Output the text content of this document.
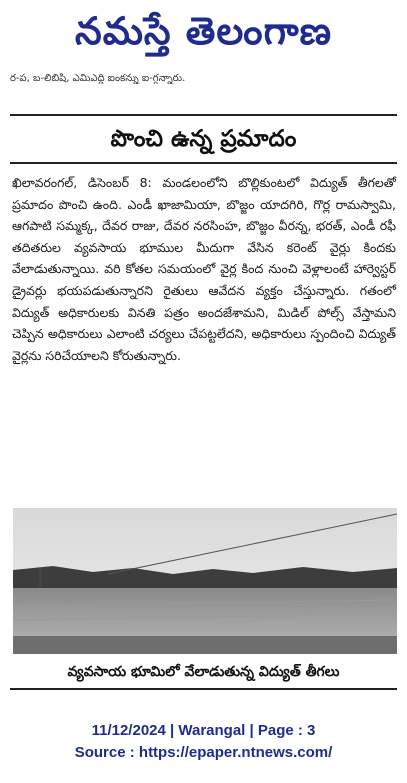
నమస్తే తెలంగాణ
ర-ప, బ-లిబిషి, ఎమిఎద్ది ఐంకన్ను ఐ-గ్గన్నారు.
పొంచి ఉన్న ప్రమాదం
ఖిలావరంగల్, డిసెంబర్ 8: మండలంలోని బొల్లికుంటలో విద్యుత్ తీగలతో ప్రమాదం పొంచి ఉంది. ఎండీ ఖాజామియా, బొజ్జం యాదగిరి, గొర్ల రామస్వామి, ఆగపాటి సమ్మక్క, దేవర రాజు, దేవర నరసింహ, బొజ్జం వీరన్న, భరత్, ఎండీ రఫీ తదితరుల వ్యవసాయ భూముల మీదుగా వేసిన కరెంట్ వైర్లు కిందకు వేలాడుతున్నాయి. వరి కోతల సమయంలో వైర్ల కింద నుంచి వెళ్లాలంటే హార్వెస్టర్ డ్రైవర్లు భయపడుతున్నారని రైతులు ఆవేదన వ్యక్తం చేస్తున్నారు. గతంలో విద్యుత్ అధికారులకు వినతి పత్రం అందజేశామని, మిడిల్ పోల్స్ వేస్తామని చెప్పిన అధికారులు ఎలాంటి చర్యలు చేపట్టలేదని, అధికారులు స్పందించి విద్యుత్ వైర్లను సరిచేయాలని కోరుతున్నారు.
వ్యవసాయ భూమిలో వేలాడుతున్న విద్యుత్ తీగలు
11/12/2024 | Warangal | Page : 3
Source : https://epaper.ntnews.com/
